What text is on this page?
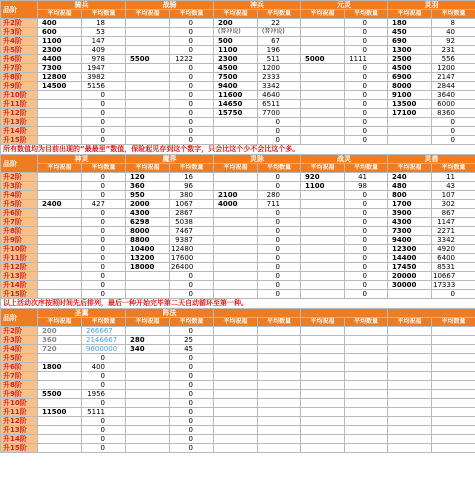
品阶	骑兵		战骑		神兵		元灵		灵羽	
	平均祝福	平均数量	平均祝福	平均数量	平均祝福	平均数量	平均祝福	平均数量	平均祝福	平均数量
升2阶	400	18		0	200	22		0	180	8
升3阶	600	53		0	(普冲说)	(普冲说)		0	450	40
升4阶	1100	147		0	500	67		0	690	92
升5阶	2300	409		0	1100	196		0	1300	231
升6阶	4400	978	5500	1222	2300	511	5000	1111	2500	556
升7阶	7300	1947		0	4500	1200		0	4500	1200
升8阶	12800	3982		0	7500	2333		0	6900	2147
升9阶	14500	5156		0	9400	3342		0	8000	2844
升10阶		0		0	11600	4640		0	9100	3640
升11阶		0		0	14650	6511		0	13500	6000
升12阶		0		0	15750	7700		0	17100	8360
升13阶		0		0		0		0		0
升14阶		0		0		0		0		0
升15阶		0		0		0		0		0
所有数值均为目前出现的“最最里”数值，保险起见存到这个数字，只会比这个少不会比这个多。										
品阶	神灵		魔界		灵脉		战灵		灵兽	
	平均祝福	平均数量	平均祝福	平均数量	平均祝福	平均数量	平均祝福	平均数量	平均祝福	平均数量
升2阶		0	120	16		0	920	41	240	11
升3阶		0	360	96		0	1100	98	480	43
升4阶		0	950	380	2100	280		0	800	107
升5阶	2400	427	2000	1067	4000	711		0	1700	302
升6阶		0	4300	2867		0		0	3900	867
升7阶		0	6298	5038		0		0	4300	1147
升8阶		0	8000	7467		0		0	7300	2271
升9阶		0	8800	9387		0		0	9400	3342
升10阶		0	10400	12480		0		0	12300	4920
升11阶		0	13200	17600		0		0	14400	6400
升12阶		0	18000	26400		0		0	17450	8531
升13阶		0		0		0		0	20000	10667
升14阶		0		0		0		0	30000	17333
升15阶		0		0		0		0		0
以上活动次序按照时间先后排列，最后一种开始完毕第二天自动循环至第一种。										
品阶	圣翼		阵法							
	平均祝福	平均数量	平均祝福	平均数量	平均祝福	平均数量	平均祝福	平均数量	平均祝福	平均数量
升2阶	200	266667		0						
升3阶	360	2146667	280	25						
升4阶	720	9600000	340	45						
升5阶		0		0						
升6阶	1800	400		0						
升7阶		0		0						
升8阶		0		0						
升9阶	5500	1956		0						
升10阶		0		0						
升11阶	11500	5111		0						
升12阶		0		0						
升13阶		0		0						
升14阶		0		0						
升15阶		0		0						
